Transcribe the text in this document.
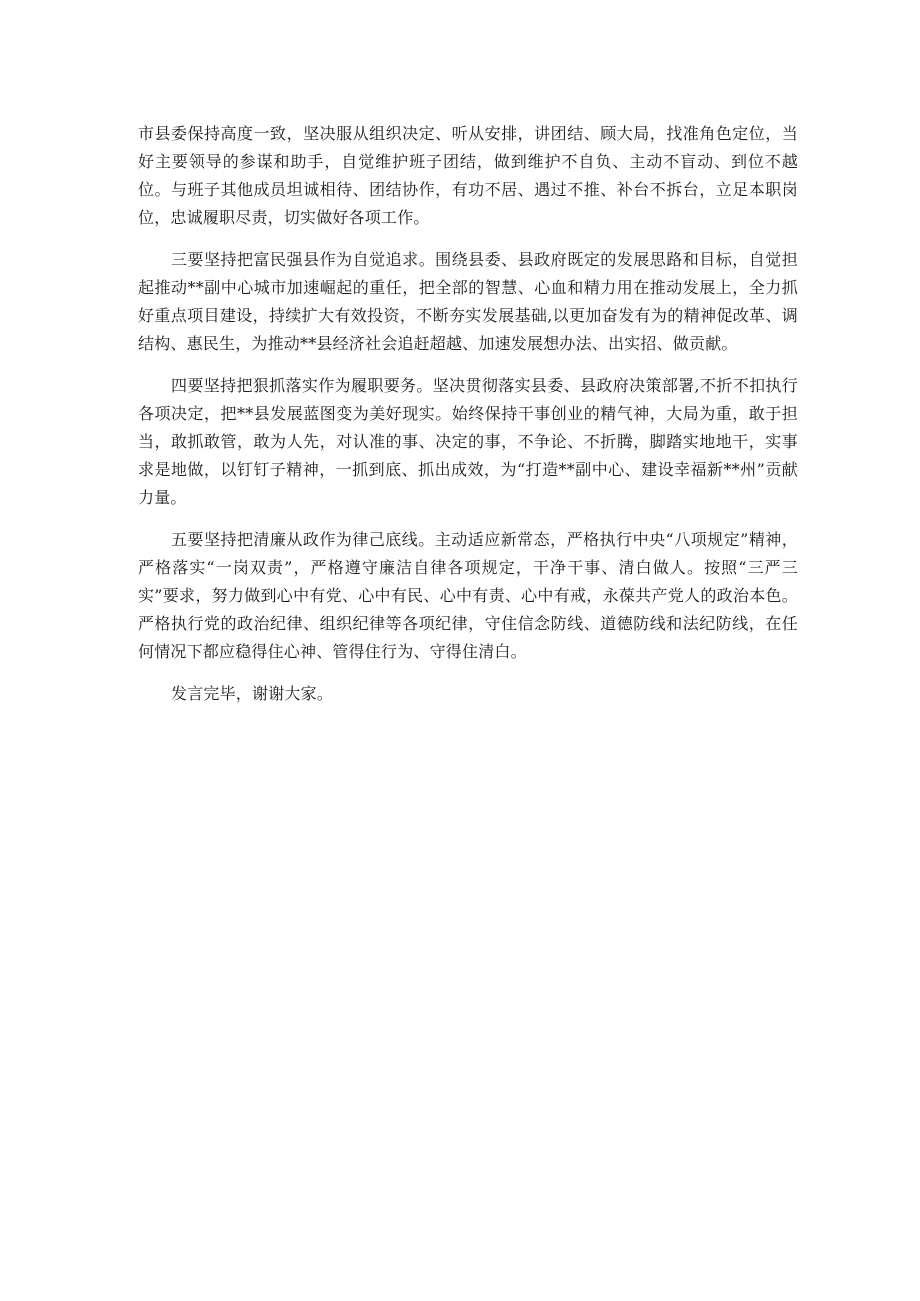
市县委保持高度一致，坚决服从组织决定、听从安排，讲团结、顾大局，找准角色定位，当好主要领导的参谋和助手，自觉维护班子团结，做到维护不自负、主动不盲动、到位不越位。与班子其他成员坦诚相待、团结协作，有功不居、遇过不推、补台不拆台，立足本职岗位，忠诚履职尽责，切实做好各项工作。

三要坚持把富民强县作为自觉追求。围绕县委、县政府既定的发展思路和目标，自觉担起推动**副中心城市加速崛起的重任，把全部的智慧、心血和精力用在推动发展上，全力抓好重点项目建设，持续扩大有效投资，不断夯实发展基础,以更加奋发有为的精神促改革、调结构、惠民生，为推动**县经济社会追赶超越、加速发展想办法、出实招、做贡献。

四要坚持把狠抓落实作为履职要务。坚决贯彻落实县委、县政府决策部署,不折不扣执行各项决定，把**县发展蓝图变为美好现实。始终保持干事创业的精气神，大局为重，敢于担当，敢抓敢管，敢为人先，对认准的事、决定的事，不争论、不折腾，脚踏实地地干，实事求是地做，以钉钉子精神，一抓到底、抓出成效，为“打造**副中心、建设幸福新**州”贡献力量。

五要坚持把清廉从政作为律己底线。主动适应新常态，严格执行中央“八项规定”精神，严格落实“一岗双责”，严格遵守廉洁自律各项规定，干净干事、清白做人。按照“三严三实”要求，努力做到心中有党、心中有民、心中有责、心中有戒，永葆共产党人的政治本色。严格执行党的政治纪律、组织纪律等各项纪律，守住信念防线、道德防线和法纪防线，在任何情况下都应稳得住心神、管得住行为、守得住清白。

发言完毕，谢谢大家。
